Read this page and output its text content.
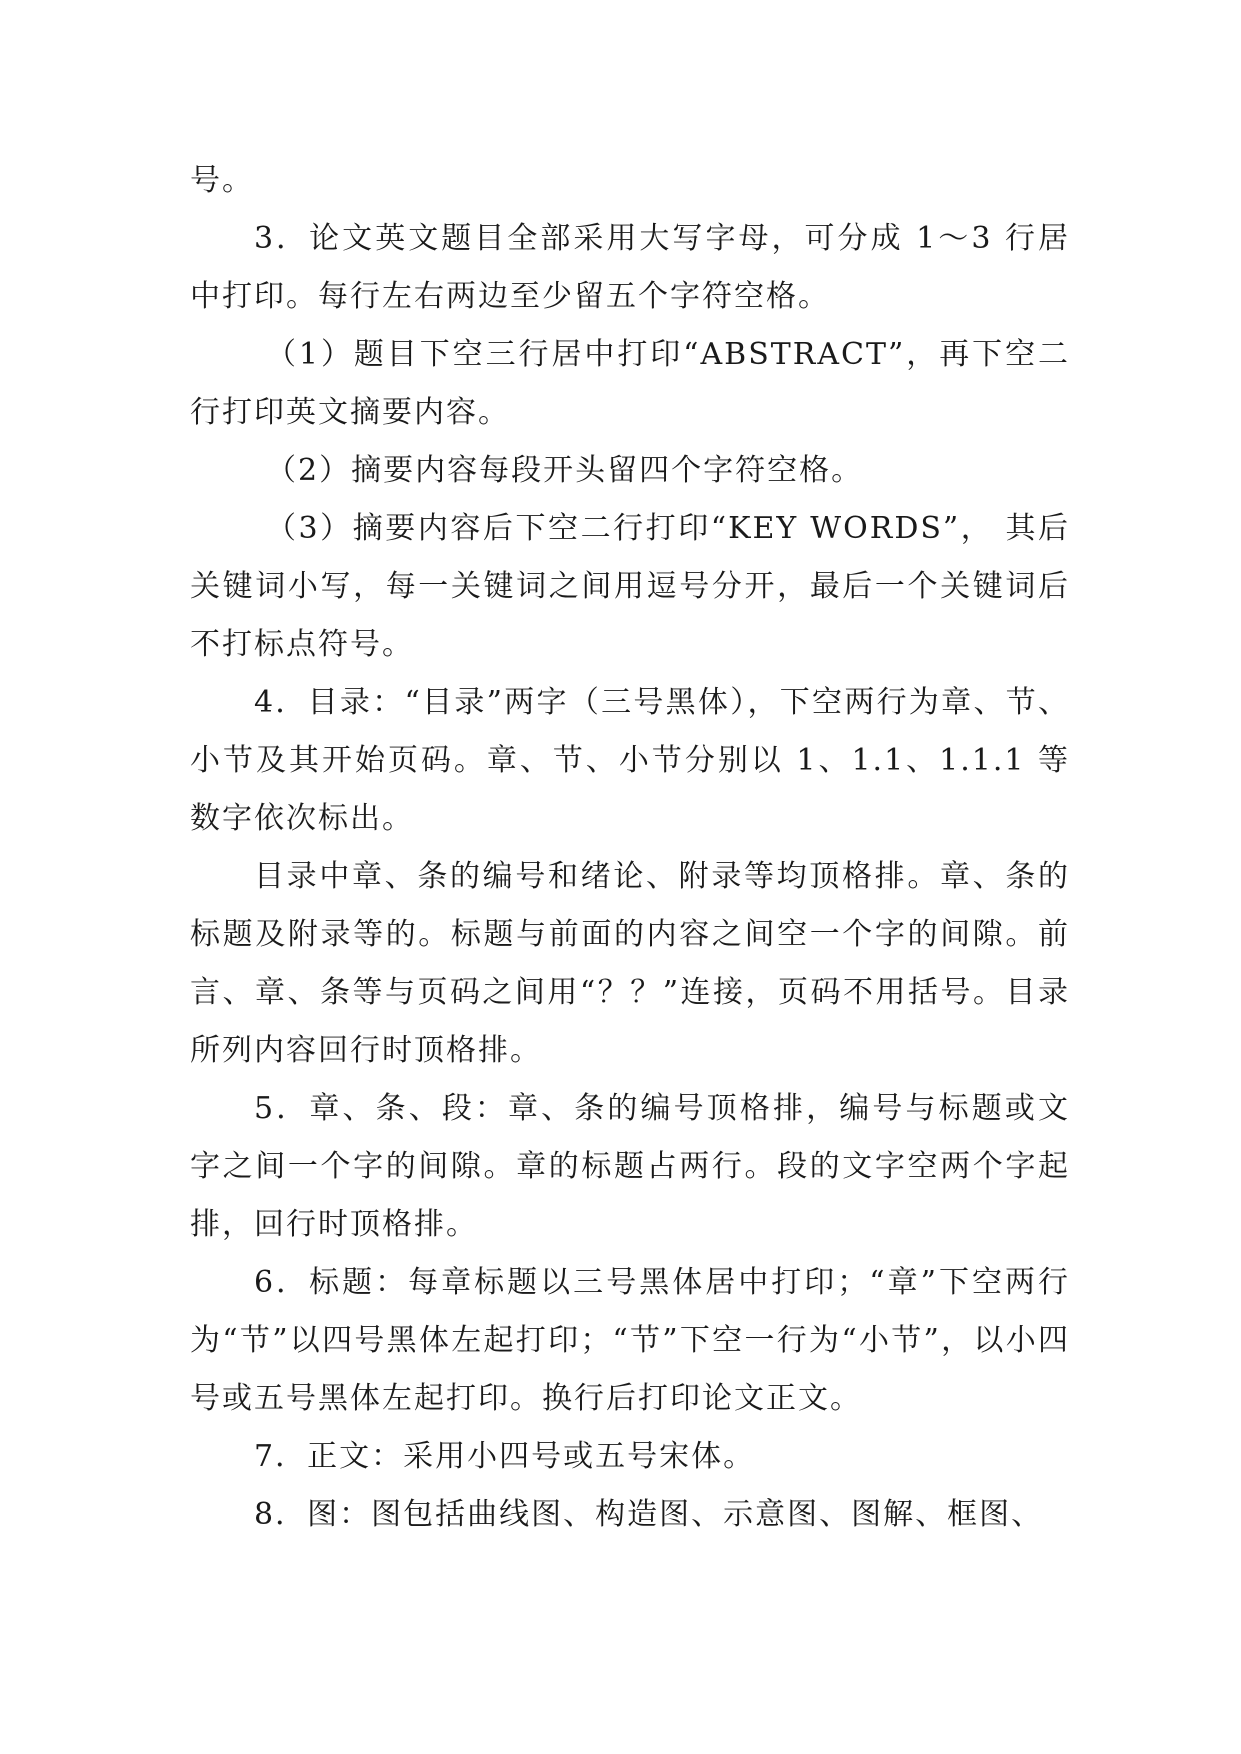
号。

3．论文英文题目全部采用大写字母，可分成 1～3 行居中打印。每行左右两边至少留五个字符空格。

（1）题目下空三行居中打印“ABSTRACT”，再下空二行打印英文摘要内容。

（2）摘要内容每段开头留四个字符空格。

（3）摘要内容后下空二行打印“KEY WORDS”， 其后关键词小写，每一关键词之间用逗号分开，最后一个关键词后不打标点符号。

4．目录：“目录”两字（三号黑体），下空两行为章、节、小节及其开始页码。章、节、小节分别以 1、1.1、1.1.1 等数字依次标出。

目录中章、条的编号和绪论、附录等均顶格排。章、条的标题及附录等的。标题与前面的内容之间空一个字的间隙。前言、章、条等与页码之间用“？？”连接，页码不用括号。目录所列内容回行时顶格排。

5．章、条、段：章、条的编号顶格排，编号与标题或文字之间一个字的间隙。章的标题占两行。段的文字空两个字起排，回行时顶格排。

6．标题：每章标题以三号黑体居中打印；“章”下空两行为“节”以四号黑体左起打印；“节”下空一行为“小节”，以小四号或五号黑体左起打印。换行后打印论文正文。

7．正文：采用小四号或五号宋体。

8．图：图包括曲线图、构造图、示意图、图解、框图、
